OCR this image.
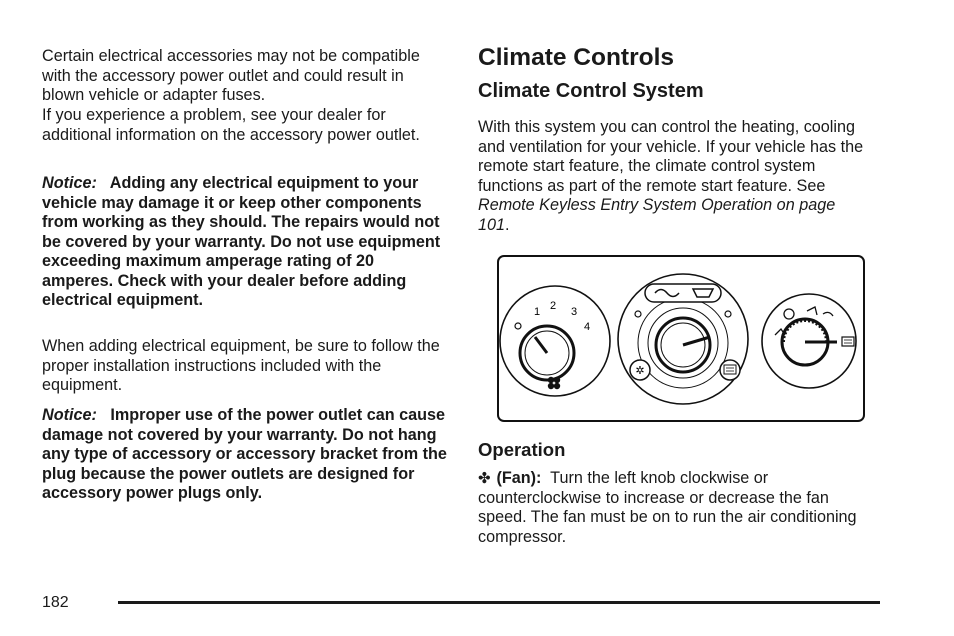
Certain electrical accessories may not be compatible with the accessory power outlet and could result in blown vehicle or adapter fuses.

If you experience a problem, see your dealer for additional information on the accessory power outlet.

Notice: Adding any electrical equipment to your vehicle may damage it or keep other components from working as they should. The repairs would not be covered by your warranty. Do not use equipment exceeding maximum amperage rating of 20 amperes. Check with your dealer before adding electrical equipment.

When adding electrical equipment, be sure to follow the proper installation instructions included with the equipment.

Notice: Improper use of the power outlet can cause damage not covered by your warranty. Do not hang any type of accessory or accessory bracket from the plug because the power outlets are designed for accessory power plugs only.

Climate Controls
Climate Control System

With this system you can control the heating, cooling and ventilation for your vehicle. If your vehicle has the remote start feature, the climate control system functions as part of the remote start feature. See Remote Keyless Entry System Operation on page 101.

1 2 3
4
✲
Operation

✤ (Fan): Turn the left knob clockwise or counterclockwise to increase or decrease the fan speed. The fan must be on to run the air conditioning compressor.

182
